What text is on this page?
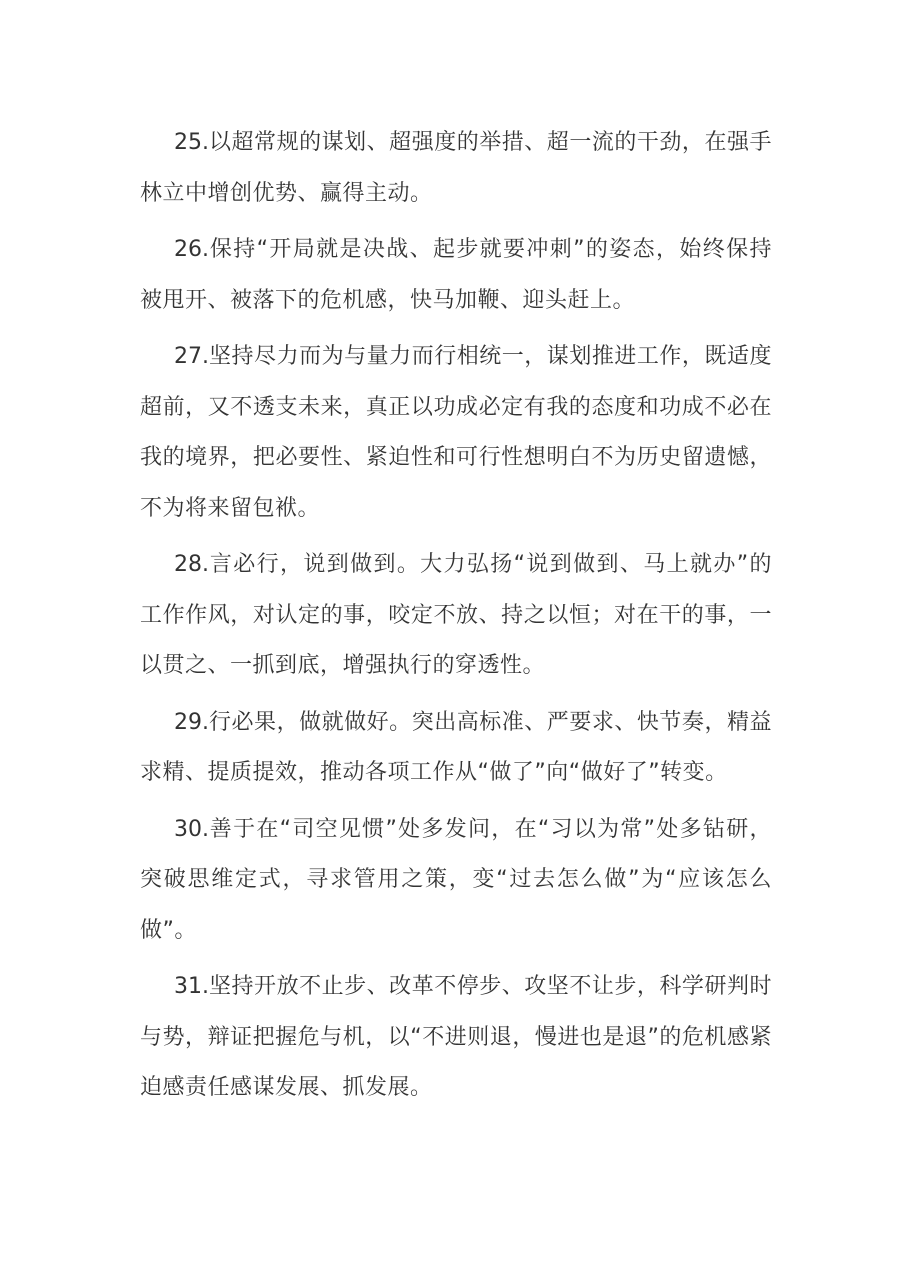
25.以超常规的谋划、超强度的举措、超一流的干劲，在强手林立中增创优势、赢得主动。

26.保持“开局就是决战、起步就要冲刺”的姿态，始终保持被甩开、被落下的危机感，快马加鞭、迎头赶上。

27.坚持尽力而为与量力而行相统一，谋划推进工作，既适度超前，又不透支未来，真正以功成必定有我的态度和功成不必在我的境界，把必要性、紧迫性和可行性想明白不为历史留遗憾，不为将来留包袱。

28.言必行，说到做到。大力弘扬“说到做到、马上就办”的工作作风，对认定的事，咬定不放、持之以恒；对在干的事，一以贯之、一抓到底，增强执行的穿透性。

29.行必果，做就做好。突出高标准、严要求、快节奏，精益求精、提质提效，推动各项工作从“做了”向“做好了”转变。

30.善于在“司空见惯”处多发问，在“习以为常”处多钻研，突破思维定式，寻求管用之策，变“过去怎么做”为“应该怎么做”。

31.坚持开放不止步、改革不停步、攻坚不让步，科学研判时与势，辩证把握危与机，以“不进则退，慢进也是退”的危机感紧迫感责任感谋发展、抓发展。
